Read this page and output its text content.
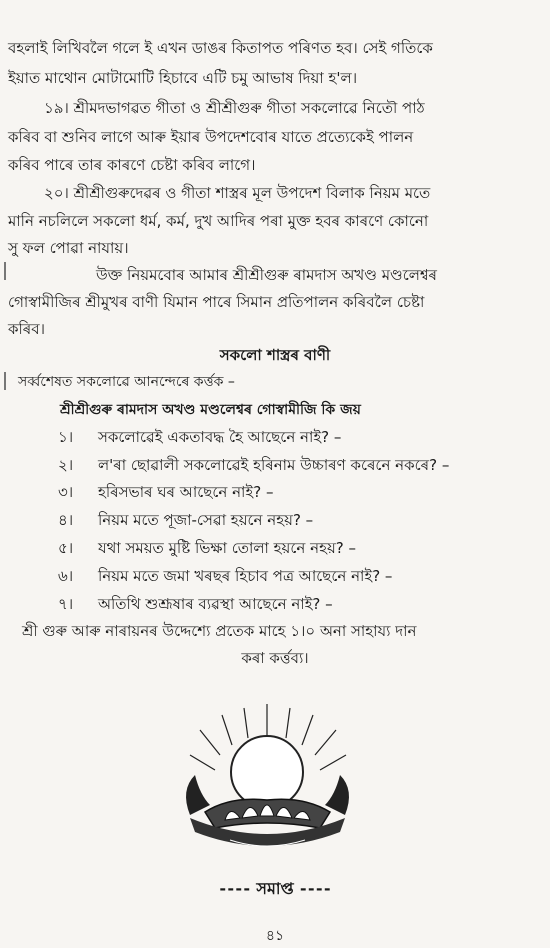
বহলাই লিখিবলৈ গলে ই এখন ডাঙৰ কিতাপত পৰিণত হব। সেই গতিকে
ইয়াত মাথোন মোটামোটি হিচাবে এটি চমু আভাষ দিয়া হ'ল।
১৯। শ্ৰীমদভাগৱত গীতা ও শ্ৰীশ্ৰীগুৰু গীতা সকলোৱে নিতৌ পাঠ
কৰিব বা শুনিব লাগে আৰু ইয়াৰ উপদেশবোৰ যাতে প্ৰত্যেকেই পালন
কৰিব পাৰে তাৰ কাৰণে চেষ্টা কৰিব লাগে।
২০। শ্ৰীশ্ৰীগুৰুদেৱৰ ও গীতা শাস্ত্ৰৰ মূল উপদেশ বিলাক নিয়ম মতে
মানি নচলিলে সকলো ধৰ্ম, কৰ্ম, দুখ আদিৰ পৰা মুক্ত হবৰ কাৰণে কোনো
সু ফল পোৱা নাযায়।
উক্ত নিয়মবোৰ আমাৰ শ্ৰীশ্ৰীগুৰু ৰামদাস অখণ্ড মণ্ডলেশ্বৰ
গোস্বামীজিৰ শ্ৰীমুখৰ বাণী যিমান পাৰে সিমান প্ৰতিপালন কৰিবলৈ চেষ্টা
কৰিব।
সকলো শাস্ত্ৰৰ বাণী
সৰ্ব্বশেষত সকলোৱে আনন্দেৰে কৰ্ত্তক –
শ্ৰীশ্ৰীগুৰু ৰামদাস অখণ্ড মণ্ডলেশ্বৰ গোস্বামীজি কি জয়
১। সকলোৱেই একতাবদ্ধ হৈ আছেনে নাই? –
২। ল'ৰা ছোৱালী সকলোৱেই হৰিনাম উচ্চাৰণ কৰেনে নকৰে? –
৩। হৰিসভাৰ ঘৰ আছেনে নাই? –
৪। নিয়ম মতে পূজা-সেৱা হয়নে নহয়? –
৫। যথা সময়ত মুষ্টি ভিক্ষা তোলা হয়নে নহয়? –
৬। নিয়ম মতে জমা খৰছৰ হিচাব পত্ৰ আছেনে নাই? –
৭। অতিথি শুশ্ৰূষাৰ ব্যৱস্থা আছেনে নাই? –
শ্ৰী গুৰু আৰু নাৰায়নৰ উদ্দেশ্যে প্ৰতেক মাহে ১।০ অনা সাহায্য দান
কৰা কৰ্ত্তব্য।
⁃⁃⁃⁃ সমাপ্ত ⁃⁃⁃⁃
৪১
